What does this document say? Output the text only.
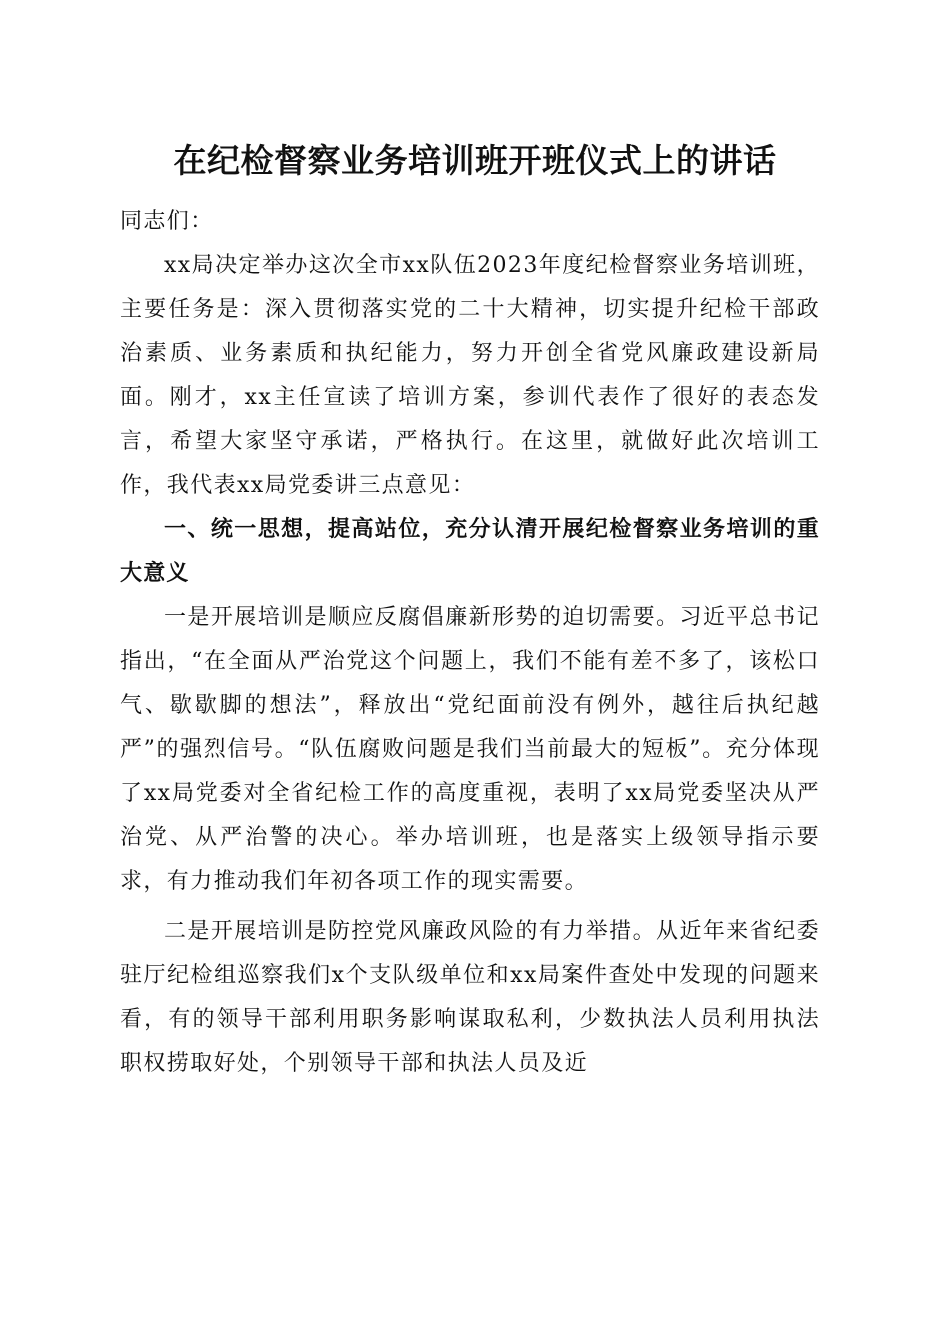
在纪检督察业务培训班开班仪式上的讲话

同志们：

xx局决定举办这次全市xx队伍2023年度纪检督察业务培训班，主要任务是：深入贯彻落实党的二十大精神，切实提升纪检干部政治素质、业务素质和执纪能力，努力开创全省党风廉政建设新局面。刚才，xx主任宣读了培训方案，参训代表作了很好的表态发言，希望大家坚守承诺，严格执行。在这里，就做好此次培训工作，我代表xx局党委讲三点意见：

一、统一思想，提高站位，充分认清开展纪检督察业务培训的重大意义

一是开展培训是顺应反腐倡廉新形势的迫切需要。习近平总书记指出，“在全面从严治党这个问题上，我们不能有差不多了，该松口气、歇歇脚的想法”，释放出“党纪面前没有例外，越往后执纪越严”的强烈信号。“队伍腐败问题是我们当前最大的短板”。充分体现了xx局党委对全省纪检工作的高度重视，表明了xx局党委坚决从严治党、从严治警的决心。举办培训班，也是落实上级领导指示要求，有力推动我们年初各项工作的现实需要。

二是开展培训是防控党风廉政风险的有力举措。从近年来省纪委驻厅纪检组巡察我们x个支队级单位和xx局案件查处中发现的问题来看，有的领导干部利用职务影响谋取私利，少数执法人员利用执法职权捞取好处，个别领导干部和执法人员及近
